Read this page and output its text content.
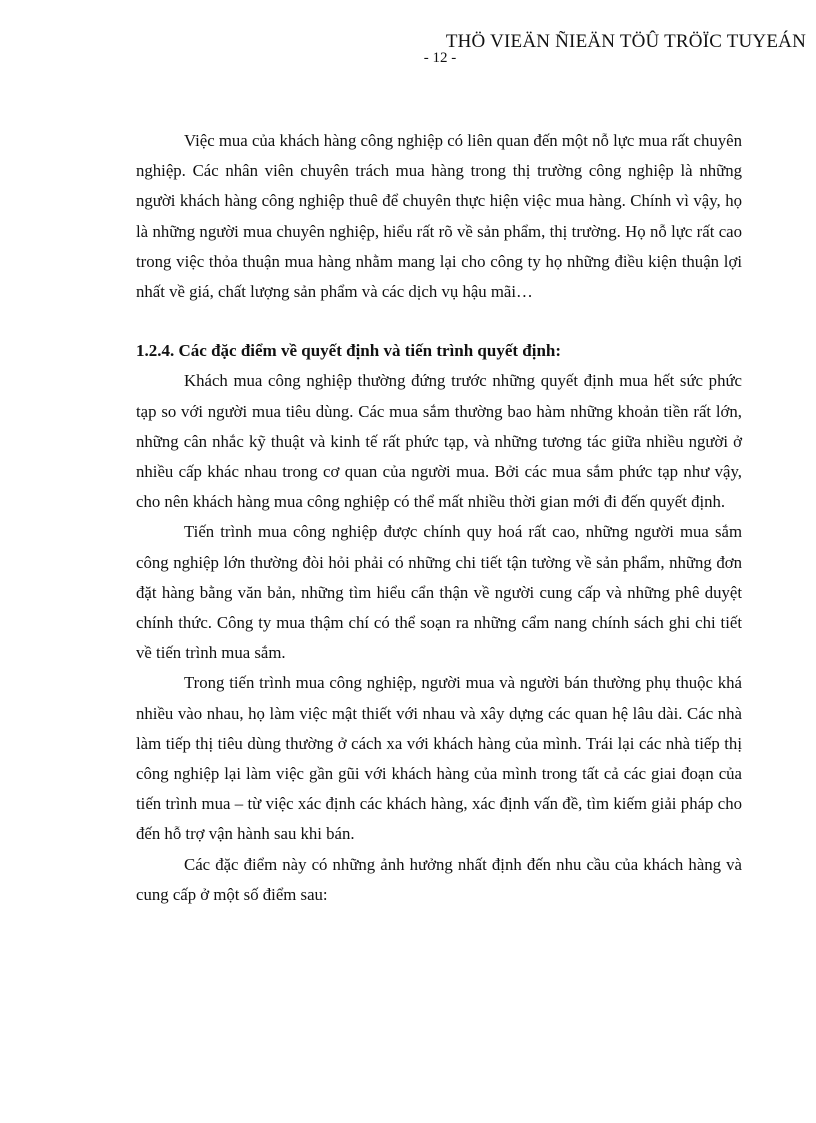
THÖ VIEÄN ÑIEÄN TÖÛ TRÖÏC TUYEÁN
- 12 -

Việc mua của khách hàng công nghiệp có liên quan đến một nỗ lực mua rất chuyên nghiệp. Các nhân viên chuyên trách mua hàng trong thị trường công nghiệp là những người khách hàng công nghiệp thuê để chuyên thực hiện việc mua hàng. Chính vì vậy, họ là những người mua chuyên nghiệp, hiểu rất rõ về sản phẩm, thị trường. Họ nỗ lực rất cao trong việc thỏa thuận mua hàng nhằm mang lại cho công ty họ những điều kiện thuận lợi nhất về giá, chất lượng sản phẩm và các dịch vụ hậu mãi…

1.2.4. Các đặc điểm về quyết định và tiến trình quyết định:

Khách mua công nghiệp thường đứng trước những quyết định mua hết sức phức tạp so với người mua tiêu dùng. Các mua sắm thường bao hàm những khoản tiền rất lớn, những cân nhắc kỹ thuật và kinh tế rất phức tạp, và những tương tác giữa nhiều người ở nhiều cấp khác nhau trong cơ quan của người mua. Bởi các mua sắm phức tạp như vậy, cho nên khách hàng mua công nghiệp có thể mất nhiều thời gian mới đi đến quyết định.

Tiến trình mua công nghiệp được chính quy hoá rất cao, những người mua sắm công nghiệp lớn thường đòi hỏi phải có những chi tiết tận tường về sản phẩm, những đơn đặt hàng bằng văn bản, những tìm hiểu cẩn thận về người cung cấp và những phê duyệt chính thức. Công ty mua thậm chí có thể soạn ra những cẩm nang chính sách ghi chi tiết về tiến trình mua sắm.

Trong tiến trình mua công nghiệp, người mua và người bán thường phụ thuộc khá nhiều vào nhau, họ làm việc mật thiết với nhau và xây dựng các quan hệ lâu dài. Các nhà làm tiếp thị tiêu dùng thường ở cách xa với khách hàng của mình. Trái lại các nhà tiếp thị công nghiệp lại làm việc gần gũi với khách hàng của mình trong tất cả các giai đoạn của tiến trình mua – từ việc xác định các khách hàng, xác định vấn đề, tìm kiếm giải pháp cho đến hỗ trợ vận hành sau khi bán.

Các đặc điểm này có những ảnh hưởng nhất định đến nhu cầu của khách hàng và cung cấp ở một số điểm sau:
